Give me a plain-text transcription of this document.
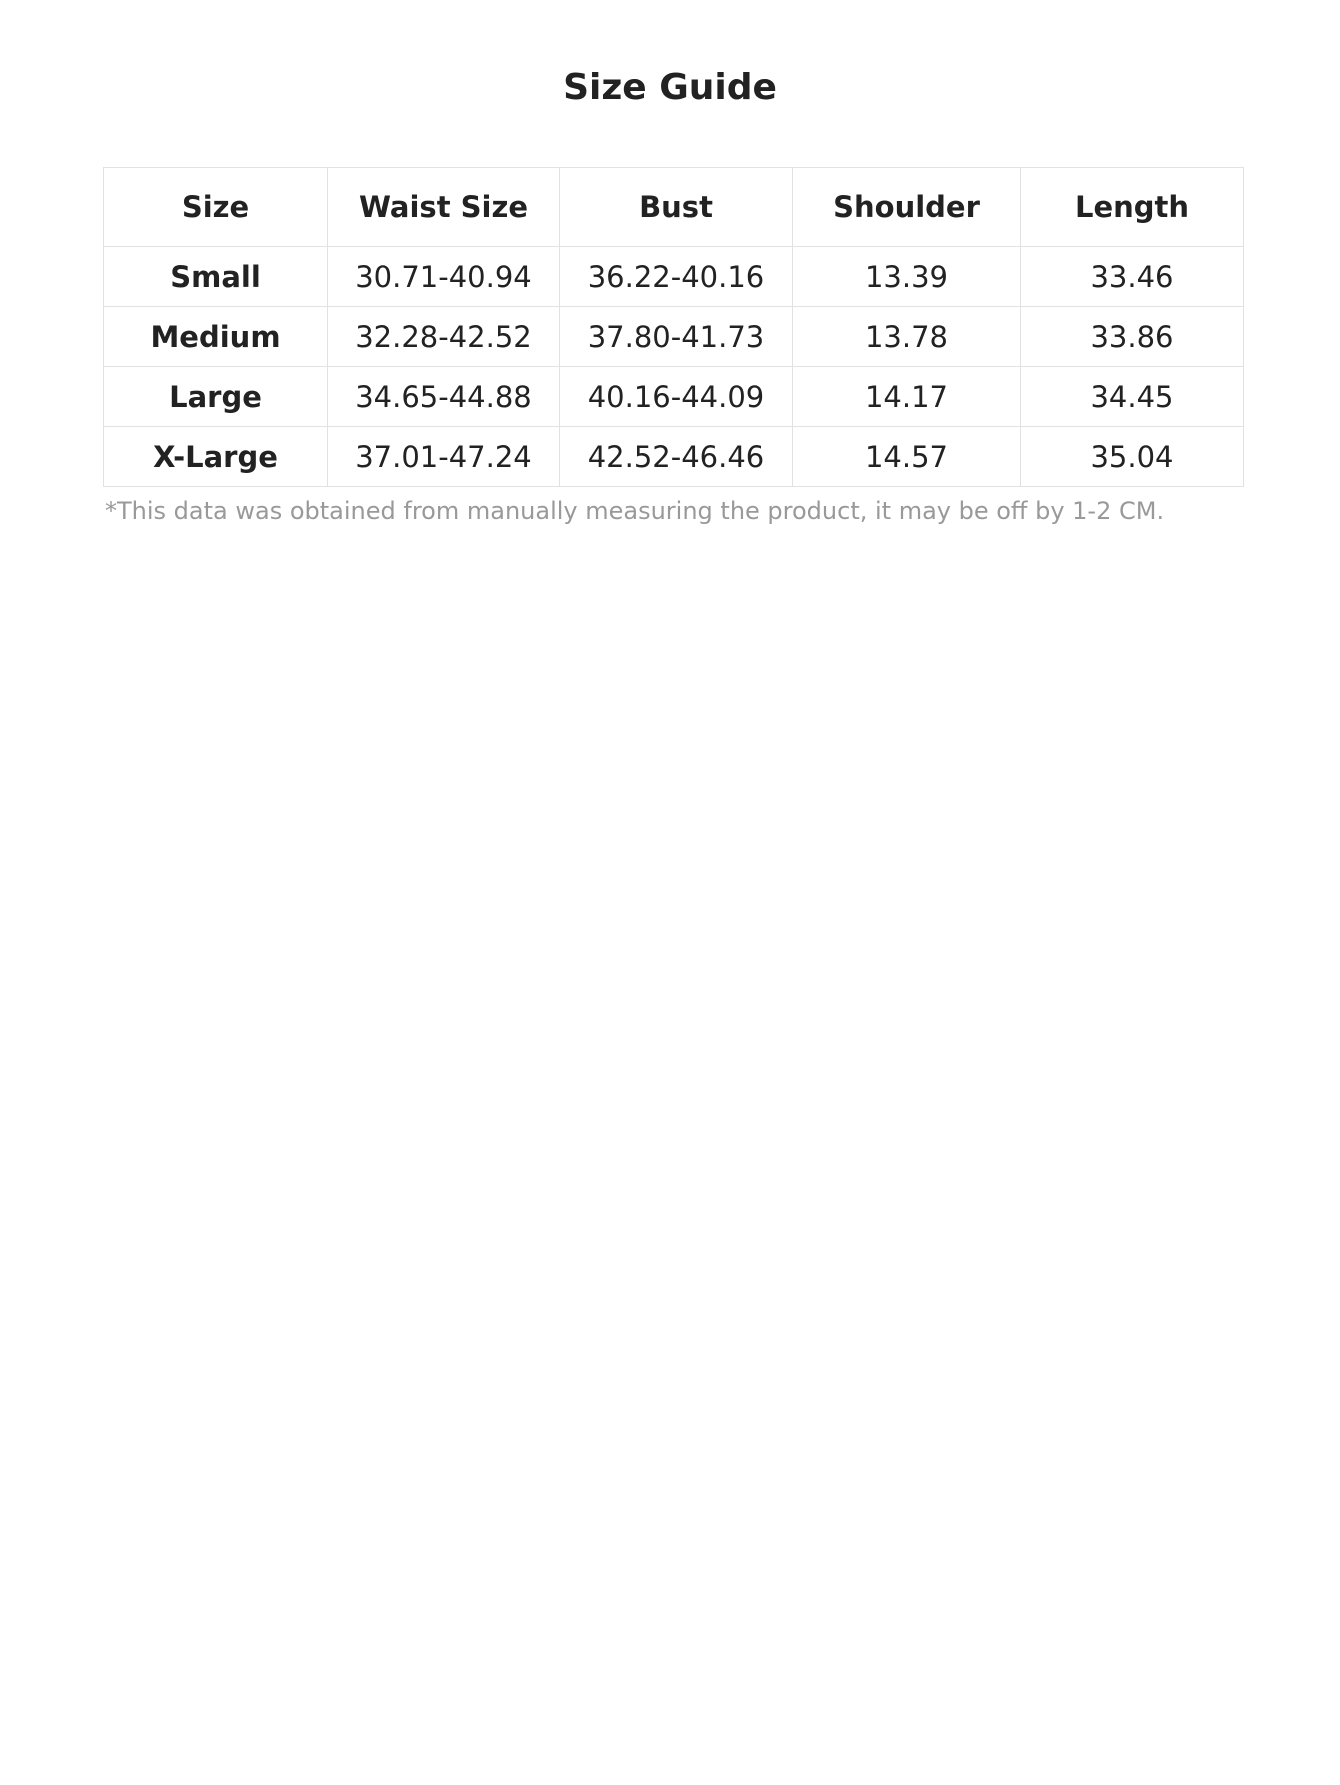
Size Guide
Size	Waist Size	Bust	Shoulder	Length
Small	30.71-40.94	36.22-40.16	13.39	33.46
Medium	32.28-42.52	37.80-41.73	13.78	33.86
Large	34.65-44.88	40.16-44.09	14.17	34.45
X-Large	37.01-47.24	42.52-46.46	14.57	35.04
*This data was obtained from manually measuring the product, it may be off by 1-2 CM.
